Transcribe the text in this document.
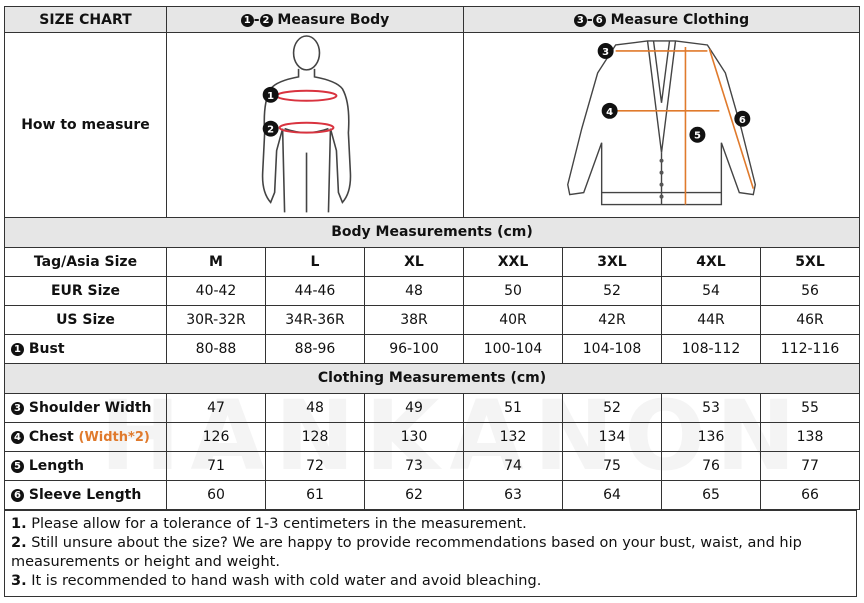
SIZE CHART	1 - 2 Measure Body			3 - 6 Measure Clothing			
How to measure	1
2			3
4
5
6			

Body Measurements (cm)							
Tag/Asia Size	M	L	XL	XXL	3XL	4XL	5XL
EUR Size	40-42	44-46	48	50	52	54	56
US Size	30R-32R	34R-36R	38R	40R	42R	44R	46R
1 Bust	80-88	88-96	96-100	100-104	104-108	108-112	112-116
Clothing Measurements (cm)							
3 Shoulder Width	47	48	49	51	52	53	55
4 Chest (Width*2)	126	128	130	132	134	136	138
5 Length	71	72	73	74	75	76	77
6 Sleeve Length	60	61	62	63	64	65	66
1. Please allow for a tolerance of 1-3 centimeters in the measurement.
2. Still unsure about the size? We are happy to provide recommendations based on your bust, waist, and hip measurements or height and weight.
3. It is recommended to hand wash with cold water and avoid bleaching.
